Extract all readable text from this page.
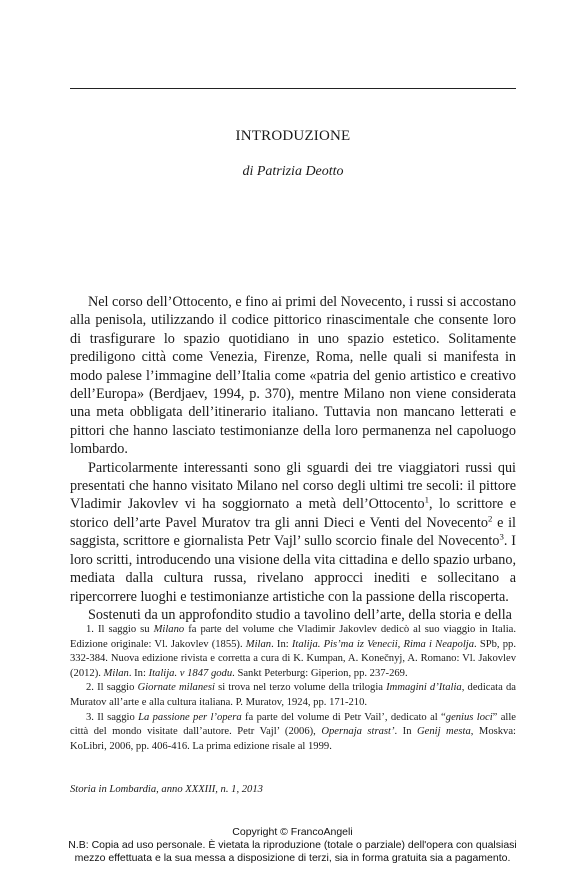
INTRODUZIONE
di Patrizia Deotto

Nel corso dell’Ottocento, e fino ai primi del Novecento, i russi si accostano alla penisola, utilizzando il codice pittorico rinascimentale che consente loro di trasfigurare lo spazio quotidiano in uno spazio estetico. Solitamente prediligono città come Venezia, Firenze, Roma, nelle quali si manifesta in modo palese l’immagine dell’Italia come «patria del genio artistico e creativo dell’Europa» (Berdjaev, 1994, p. 370), mentre Milano non viene considerata una meta obbligata dell’itinerario italiano. Tuttavia non mancano letterati e pittori che hanno lasciato testimonianze della loro permanenza nel capoluogo lombardo.

Particolarmente interessanti sono gli sguardi dei tre viaggiatori russi qui presentati che hanno visitato Milano nel corso degli ultimi tre secoli: il pittore Vladimir Jakovlev vi ha soggiornato a metà dell’Ottocento$^1$, lo scrittore e storico dell’arte Pavel Muratov tra gli anni Dieci e Venti del Novecento$^2$ e il saggista, scrittore e giornalista Petr Vajl’ sullo scorcio finale del Novecento$^3$. I loro scritti, introducendo una visione della vita cittadina e dello spazio urbano, mediata dalla cultura russa, rivelano approcci inediti e sollecitano a ripercorrere luoghi e testimonianze artistiche con la passione della riscoperta.

Sostenuti da un approfondito studio a tavolino dell’arte, della storia e della

1. Il saggio su Milano fa parte del volume che Vladimir Jakovlev dedicò al suo viaggio in Italia. Edizione originale: Vl. Jakovlev (1855). Milan. In: Italija. Pis’ma iz Venecii, Rima i Neapolja. SPb, pp. 332-384. Nuova edizione rivista e corretta a cura di K. Kumpan, A. Konečnyj, A. Romano: Vl. Jakovlev (2012). Milan. In: Italija. v 1847 godu. Sankt Peterburg: Giperion, pp. 237-269.

2. Il saggio Giornate milanesi si trova nel terzo volume della trilogia Immagini d’Italia, dedicata da Muratov all’arte e alla cultura italiana. P. Muratov, 1924, pp. 171-210.

3. Il saggio La passione per l’opera fa parte del volume di Petr Vail’, dedicato al “genius loci” alle città del mondo visitate dall’autore. Petr Vajl’ (2006), Opernaja strast’. In Genij mesta, Moskva: KoLibri, 2006, pp. 406-416. La prima edizione risale al 1999.

Storia in Lombardia, anno XXXIII, n. 1, 2013
Copyright © FrancoAngeli
N.B: Copia ad uso personale. È vietata la riproduzione (totale o parziale) dell'opera con qualsiasi
mezzo effettuata e la sua messa a disposizione di terzi, sia in forma gratuita sia a pagamento.
